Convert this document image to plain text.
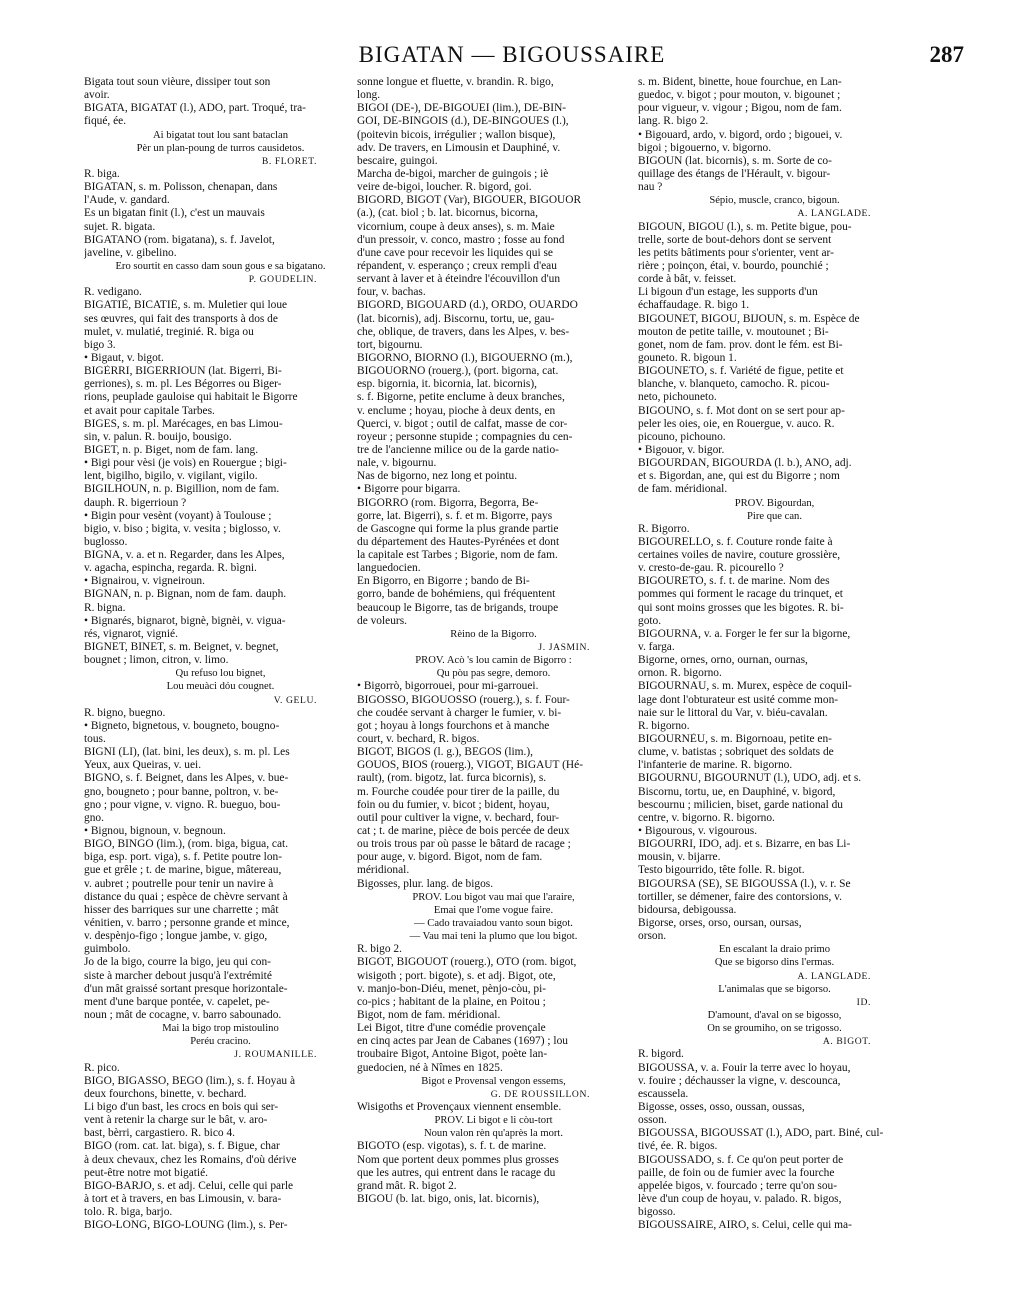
BIGATAN — BIGOUSSAIRE	287
Bigata tout soun vièure, dissiper tout son
avoir.
BIGATA, BIGATAT (l.), ADO, part. Troqué, tra-
fiqué, ée.
Ai bigatat tout lou sant bataclan
Pèr un plan-poung de turros causidetos.
B. FLORET.
R. biga.
BIGATAN, s. m. Polisson, chenapan, dans
l'Aude, v. gandard.
Es un bigatan finit (l.), c'est un mauvais
sujet. R. bigata.
BIGATANO (rom. bigatana), s. f. Javelot,
javeline, v. gibelino.
Ero sourtit en casso dam soun gous e sa bigatano.
P. GOUDELIN.
R. vedigano.
BIGATIÈ, BICATIÉ, s. m. Muletier qui loue
ses œuvres, qui fait des transports à dos de
mulet, v. mulatié, treginié. R. biga ou
bigo 3.
• Bigaut, v. bigot.
BIGÈRRI, BIGERRIOUN (lat. Bigerri, Bi-
gerriones), s. m. pl. Les Bégorres ou Biger-
rions, peuplade gauloise qui habitait le Bigorre
et avait pour capitale Tarbes.
BIGES, s. m. pl. Marécages, en bas Limou-
sin, v. palun. R. bouijo, bousigo.
BIGET, n. p. Biget, nom de fam. lang.
• Bigi pour vèsi (je vois) en Rouergue ; bigi-
lent, bigilho, bigilo, v. vigilant, vigilo.
BIGILHOUN, n. p. Bigillion, nom de fam.
dauph. R. bigerrioun ?
• Bigin pour vesènt (voyant) à Toulouse ;
bigio, v. biso ; bigita, v. vesita ; biglosso, v.
buglosso.
BIGNA, v. a. et n. Regarder, dans les Alpes,
v. agacha, espincha, regarda. R. bìgni.
• Bignairou, v. vigneiroun.
BIGNAN, n. p. Bignan, nom de fam. dauph.
R. bigna.
• Bignarés, bignarot, bignè, bignèi, v. vigua-
rés, vignarot, vignié.
BIGNET, BINET, s. m. Beignet, v. begnet,
bougnet ; limon, citron, v. limo.
Qu refuso lou bignet,
Lou meuàci dóu cougnet.
V. GELU.
R. bigno, buegno.
• Bigneto, bignetous, v. bougneto, bougno-
tous.
BIGNI (LI), (lat. bini, les deux), s. m. pl. Les
Yeux, aux Queiras, v. uei.
BIGNO, s. f. Beignet, dans les Alpes, v. bue-
gno, bougneto ; pour banne, poltron, v. be-
gno ; pour vigne, v. vigno. R. bueguo, bou-
gno.
• Bignou, bignoun, v. begnoun.
BIGO, BINGO (lim.), (rom. biga, bigua, cat.
biga, esp. port. viga), s. f. Petite poutre lon-
gue et grêle ; t. de marine, bigue, mâtereau,
v. aubret ; poutrelle pour tenir un navire à
distance du quai ; espèce de chèvre servant à
hisser des barriques sur une charrette ; mât
vénitien, v. barro ; personne grande et mince,
v. despènjo-figo ; longue jambe, v. gigo,
guimbolo.
Jo de la bigo, courre la bigo, jeu qui con-
siste à marcher debout jusqu'à l'extrémité
d'un mât graissé sortant presque horizontale-
ment d'une barque pontée, v. capelet, pe-
noun ; mât de cocagne, v. barro sabounado.
Mai la bigo trop mistoulino
Peréu cracino.
J. ROUMANILLE.
R. pico.
BIGO, BIGASSO, BEGO (lim.), s. f. Hoyau à
deux fourchons, binette, v. bechard.
Li bigo d'un bast, les crocs en bois qui ser-
vent à retenir la charge sur le bât, v. aro-
bast, bèrri, cargastiero. R. bico 4.
BIGO (rom. cat. lat. biga), s. f. Bigue, char
à deux chevaux, chez les Romains, d'où dérive
peut-être notre mot bigatié.
BIGO-BARJO, s. et adj. Celui, celle qui parle
à tort et à travers, en bas Limousin, v. bara-
tolo. R. biga, barjo.
BIGO-LONG, BIGO-LOUNG (lim.), s. Per-
sonne longue et fluette, v. brandin. R. bigo,
long.
BIGOI (DE-), DE-BIGOUEI (lim.), DE-BIN-
GOI, DE-BINGOIS (d.), DE-BINGOUES (l.),
(poitevin bicois, irrégulier ; wallon bisque),
adv. De travers, en Limousin et Dauphiné, v.
bescaire, guingoi.
Marcha de-bigoi, marcher de guingois ; iè
veire de-bigoi, loucher. R. bigord, goi.
BIGORD, BIGOT (Var), BIGOUER, BIGOUOR
(a.), (cat. biol ; b. lat. bicornus, bicorna,
vicornium, coupe à deux anses), s. m. Maie
d'un pressoir, v. conco, mastro ; fosse au fond
d'une cave pour recevoir les liquides qui se
répandent, v. esperanço ; creux rempli d'eau
servant à laver et à éteindre l'écouvillon d'un
four, v. bachas.
BIGORD, BIGOUARD (d.), ORDO, OUARDO
(lat. bicornis), adj. Biscornu, tortu, ue, gau-
che, oblique, de travers, dans les Alpes, v. bes-
tort, bigournu.
BIGORNO, BIORNO (l.), BIGOUERNO (m.),
BIGOUORNO (rouerg.), (port. bigorna, cat.
esp. bigornia, it. bicornia, lat. bicornis),
s. f. Bigorne, petite enclume à deux branches,
v. enclume ; hoyau, pioche à deux dents, en
Querci, v. bigot ; outil de calfat, masse de cor-
royeur ; personne stupide ; compagnies du cen-
tre de l'ancienne milice ou de la garde natio-
nale, v. bigournu.
Nas de bigorno, nez long et pointu.
• Bigorre pour bigarra.
BIGORRO (rom. Bigorra, Begorra, Be-
gorre, lat. Bigerri), s. f. et m. Bigorre, pays
de Gascogne qui forme la plus grande partie
du département des Hautes-Pyrénées et dont
la capitale est Tarbes ; Bigorie, nom de fam.
languedocien.
En Bigorro, en Bigorre ; bando de Bi-
gorro, bande de bohémiens, qui fréquentent
beaucoup le Bigorre, tas de brigands, troupe
de voleurs.
Rèino de la Bigorro.
J. JASMIN.
PROV. Acò 's lou camin de Bigorro :
Qu pòu pas segre, demoro.
• Bigorrò, bigorrouei, pour mi-garrouei.
BIGOSSO, BIGOUOSSO (rouerg.), s. f. Four-
che coudée servant à charger le fumier, v. bi-
got ; hoyau à longs fourchons et à manche
court, v. bechard, R. bigos.
BIGOT, BIGOS (l. g.), BEGOS (lim.),
GOUOS, BIOS (rouerg.), VIGOT, BIGAUT (Hé-
rault), (rom. bigotz, lat. furca bicornis), s.
m. Fourche coudée pour tirer de la paille, du
foin ou du fumier, v. bicot ; bident, hoyau,
outil pour cultiver la vigne, v. bechard, four-
cat ; t. de marine, pièce de bois percée de deux
ou trois trous par où passe le bâtard de racage ;
pour auge, v. bigord. Bigot, nom de fam.
méridional.
Bigosses, plur. lang. de bigos.
PROV. Lou bigot vau mai que l'araire,
Emai que l'ome vogue faire.
— Cado travaiadou vanto soun bigot.
— Vau mai teni la plumo que lou bigot.
R. bigo 2.
BIGOT, BIGOUOT (rouerg.), OTO (rom. bigot,
wisigoth ; port. bigote), s. et adj. Bigot, ote,
v. manjo-bon-Diéu, menet, pènjo-còu, pi-
co-pics ; habitant de la plaine, en Poitou ;
Bigot, nom de fam. méridional.
Lei Bigot, titre d'une comédie provençale
en cinq actes par Jean de Cabanes (1697) ; lou
troubaire Bigot, Antoine Bigot, poète lan-
guedocien, né à Nîmes en 1825.
Bigot e Provensal vengon essems,
G. DE ROUSSILLON.
Wisigoths et Provençaux viennent ensemble.
PROV. Li bigot e li còu-tort
Noun valon rèn qu'après la mort.
BIGOTO (esp. vigotas), s. f. t. de marine.
Nom que portent deux pommes plus grosses
que les autres, qui entrent dans le racage du
grand mât. R. bigot 2.
BIGOU (b. lat. bigo, onis, lat. bicornis),
s. m. Bident, binette, houe fourchue, en Lan-
guedoc, v. bigot ; pour mouton, v. bigounet ;
pour vigueur, v. vigour ; Bigou, nom de fam.
lang. R. bigo 2.
• Bigouard, ardo, v. bigord, ordo ; bigouei, v.
bigoi ; bigouerno, v. bigorno.
BIGOUN (lat. bicornis), s. m. Sorte de co-
quillage des étangs de l'Hérault, v. bigour-
nau ?
Sépio, muscle, cranco, bigoun.
A. LANGLADE.
BIGOUN, BIGOU (l.), s. m. Petite bigue, pou-
trelle, sorte de bout-dehors dont se servent
les petits bâtiments pour s'orienter, vent ar-
rière ; poinçon, étai, v. bourdo, pounchié ;
corde à bât, v. feisset.
Li bigoun d'un estage, les supports d'un
échaffaudage. R. bigo 1.
BIGOUNET, BIGOU, BIJOUN, s. m. Espèce de
mouton de petite taille, v. moutounet ; Bi-
gonet, nom de fam. prov. dont le fém. est Bi-
gouneto. R. bigoun 1.
BIGOUNETO, s. f. Variété de figue, petite et
blanche, v. blanqueto, camocho. R. picou-
neto, pichouneto.
BIGOUNO, s. f. Mot dont on se sert pour ap-
peler les oies, oie, en Rouergue, v. auco. R.
picouno, pichouno.
• Bigouor, v. bigor.
BIGOURDAN, BIGOURDA (l. b.), ANO, adj.
et s. Bigordan, ane, qui est du Bigorre ; nom
de fam. méridional.
PROV. Bigourdan,
Pire que can.
R. Bigorro.
BIGOURELLO, s. f. Couture ronde faite à
certaines voiles de navire, couture grossière,
v. cresto-de-gau. R. picourello ?
BIGOURETO, s. f. t. de marine. Nom des
pommes qui forment le racage du trinquet, et
qui sont moins grosses que les bigotes. R. bi-
goto.
BIGOURNA, v. a. Forger le fer sur la bigorne,
v. farga.
Bigorne, ornes, orno, ournan, ournas,
ornon. R. bigorno.
BIGOURNAU, s. m. Murex, espèce de coquil-
lage dont l'obturateur est usité comme mon-
naie sur le littoral du Var, v. biéu-cavalan.
R. bigorno.
BIGOURNÈU, s. m. Bigornoau, petite en-
clume, v. batistas ; sobriquet des soldats de
l'infanterie de marine. R. bigorno.
BIGOURNU, BIGOURNUT (l.), UDO, adj. et s.
Biscornu, tortu, ue, en Dauphiné, v. bigord,
bescournu ; milicien, biset, garde national du
centre, v. bigorno. R. bigorno.
• Bigourous, v. vigourous.
BIGOURRI, IDO, adj. et s. Bizarre, en bas Li-
mousin, v. bijarre.
Testo bigourrido, tête folle. R. bigot.
BIGOURSA (SE), SE BIGOUSSA (l.), v. r. Se
tortiller, se démener, faire des contorsions, v.
bidoursa, debigoussa.
Bigorse, orses, orso, oursan, oursas,
orson.
En escalant la draio primo
Que se bigorso dins l'ermas.
A. LANGLADE.
L'animalas que se bigorso.
ID.
D'amount, d'aval on se bigosso,
On se groumiho, on se trigosso.
A. BIGOT.
R. bigord.
BIGOUSSA, v. a. Fouir la terre avec lo hoyau,
v. fouire ; déchausser la vigne, v. descounca,
escaussela.
Bigosse, osses, osso, oussan, oussas,
osson.
BIGOUSSA, BIGOUSSAT (l.), ADO, part. Biné, cul-
tivé, ée. R. bigos.
BIGOUSSADO, s. f. Ce qu'on peut porter de
paille, de foin ou de fumier avec la fourche
appelée bigos, v. fourcado ; terre qu'on sou-
lève d'un coup de hoyau, v. palado. R. bigos,
bigosso.
BIGOUSSAIRE, AIRO, s. Celui, celle qui ma-
